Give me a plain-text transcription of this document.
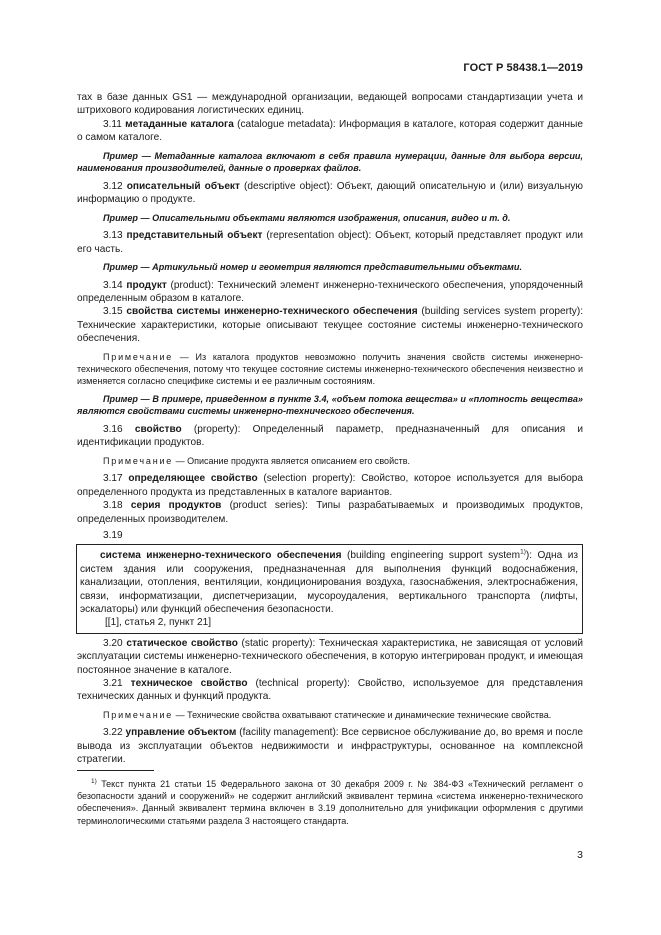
ГОСТ Р 58438.1—2019

тах в базе данных GS1 — международной организации, ведающей вопросами стандартизации учета и штрихового кодирования логистических единиц.

3.11 метаданные каталога (catalogue metadata): Информация в каталоге, которая содержит данные о самом каталоге.

Пример — Метаданные каталога включают в себя правила нумерации, данные для выбора версии, наименования производителей, данные о проверках файлов.

3.12 описательный объект (descriptive object): Объект, дающий описательную и (или) визуальную информацию о продукте.

Пример — Описательными объектами являются изображения, описания, видео и т. д.

3.13 представительный объект (representation object): Объект, который представляет продукт или его часть.

Пример — Артикульный номер и геометрия являются представительными объектами.

3.14 продукт (product): Технический элемент инженерно-технического обеспечения, упорядоченный определенным образом в каталоге.

3.15 свойства системы инженерно-технического обеспечения (building services system property): Технические характеристики, которые описывают текущее состояние системы инженерно-технического обеспечения.

Примечание — Из каталога продуктов невозможно получить значения свойств системы инженерно-технического обеспечения, потому что текущее состояние системы инженерно-технического обеспечения неизвестно и изменяется согласно специфике системы и ее различным состояниям.

Пример — В примере, приведенном в пункте 3.4, «объем потока вещества» и «плотность вещества» являются свойствами системы инженерно-технического обеспечения.

3.16 свойство (property): Определенный параметр, предназначенный для описания и идентификации продуктов.

Примечание — Описание продукта является описанием его свойств.

3.17 определяющее свойство (selection property): Свойство, которое используется для выбора определенного продукта из представленных в каталоге вариантов.

3.18 серия продуктов (product series): Типы разрабатываемых и производимых продуктов, определенных производителем.

3.19

система инженерно-технического обеспечения (building engineering support system$^{1)}$): Одна из систем здания или сооружения, предназначенная для выполнения функций водоснабжения, канализации, отопления, вентиляции, кондиционирования воздуха, газоснабжения, электроснабжения, связи, информатизации, диспетчеризации, мусороудаления, вертикального транспорта (лифты, эскалаторы) или функций обеспечения безопасности.

[[1], статья 2, пункт 21]

3.20 статическое свойство (static property): Техническая характеристика, не зависящая от условий эксплуатации системы инженерно-технического обеспечения, в которую интегрирован продукт, и имеющая постоянное значение в каталоге.

3.21 техническое свойство (technical property): Свойство, используемое для представления технических данных и функций продукта.

Примечание — Технические свойства охватывают статические и динамические технические свойства.

3.22 управление объектом (facility management): Все сервисное обслуживание до, во время и после вывода из эксплуатации объектов недвижимости и инфраструктуры, основанное на комплексной стратегии.

$^{1)}$ Текст пункта 21 статьи 15 Федерального закона от 30 декабря 2009 г. № 384-ФЗ «Технический регламент о безопасности зданий и сооружений» не содержит английский эквивалент термина «система инженерно-технического обеспечения». Данный эквивалент термина включен в 3.19 дополнительно для унификации оформления с другими терминологическими статьями раздела 3 настоящего стандарта.

3
